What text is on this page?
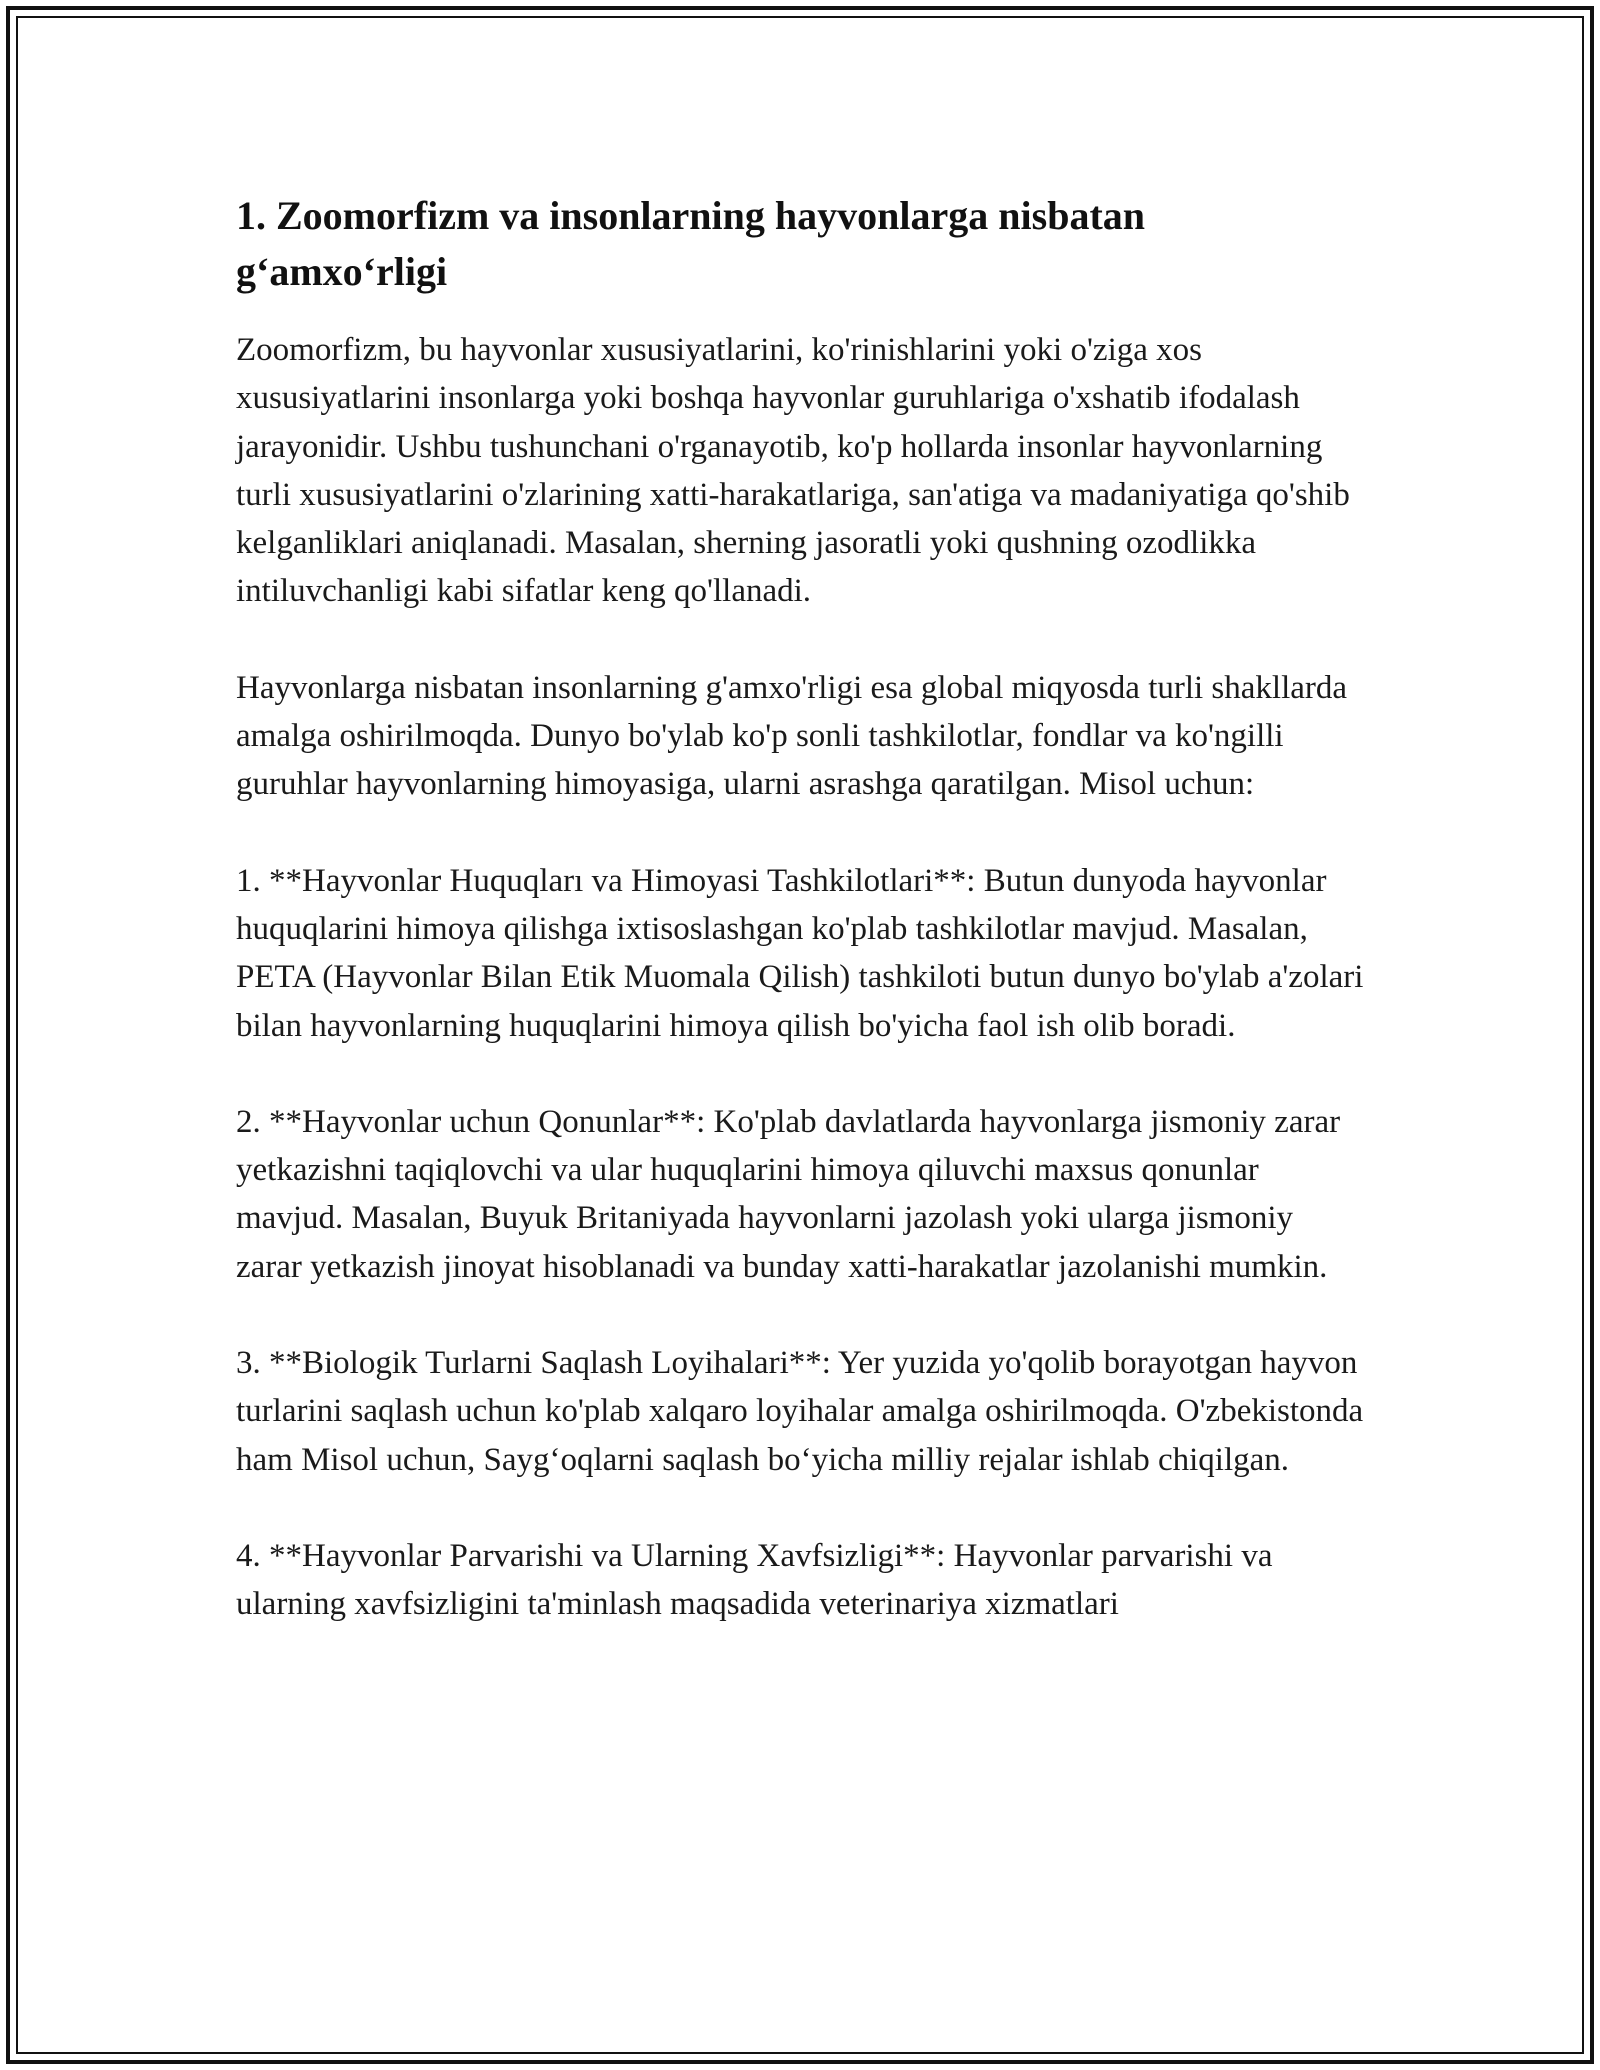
1. Zoomorfizm va insonlarning hayvonlarga nisbatan g‘amxo‘rligi

Zoomorfizm, bu hayvonlar xususiyatlarini, ko'rinishlarini yoki o'ziga xos xususiyatlarini insonlarga yoki boshqa hayvonlar guruhlariga o'xshatib ifodalash jarayonidir. Ushbu tushunchani o'rganayotib, ko'p hollarda insonlar hayvonlarning turli xususiyatlarini o'zlarining xatti-harakatlariga, san'atiga va madaniyatiga qo'shib kelganliklari aniqlanadi. Masalan, sherning jasoratli yoki qushning ozodlikka intiluvchanligi kabi sifatlar keng qo'llanadi.

Hayvonlarga nisbatan insonlarning g'amxo'rligi esa global miqyosda turli shakllarda amalga oshirilmoqda. Dunyo bo'ylab ko'p sonli tashkilotlar, fondlar va ko'ngilli guruhlar hayvonlarning himoyasiga, ularni asrashga qaratilgan. Misol uchun:

1. **Hayvonlar Huquqları va Himoyasi Tashkilotlari**: Butun dunyoda hayvonlar huquqlarini himoya qilishga ixtisoslashgan ko'plab tashkilotlar mavjud. Masalan, PETA (Hayvonlar Bilan Etik Muomala Qilish) tashkiloti butun dunyo bo'ylab a'zolari bilan hayvonlarning huquqlarini himoya qilish bo'yicha faol ish olib boradi.

2. **Hayvonlar uchun Qonunlar**: Ko'plab davlatlarda hayvonlarga jismoniy zarar yetkazishni taqiqlovchi va ular huquqlarini himoya qiluvchi maxsus qonunlar mavjud. Masalan, Buyuk Britaniyada hayvonlarni jazolash yoki ularga jismoniy zarar yetkazish jinoyat hisoblanadi va bunday xatti-harakatlar jazolanishi mumkin.

3. **Biologik Turlarni Saqlash Loyihalari**: Yer yuzida yo'qolib borayotgan hayvon turlarini saqlash uchun ko'plab xalqaro loyihalar amalga oshirilmoqda. O'zbekistonda ham Misol uchun, Sayg‘oqlarni saqlash bo‘yicha milliy rejalar ishlab chiqilgan.

4. **Hayvonlar Parvarishi va Ularning Xavfsizligi**: Hayvonlar parvarishi va ularning xavfsizligini ta'minlash maqsadida veterinariya xizmatlari
